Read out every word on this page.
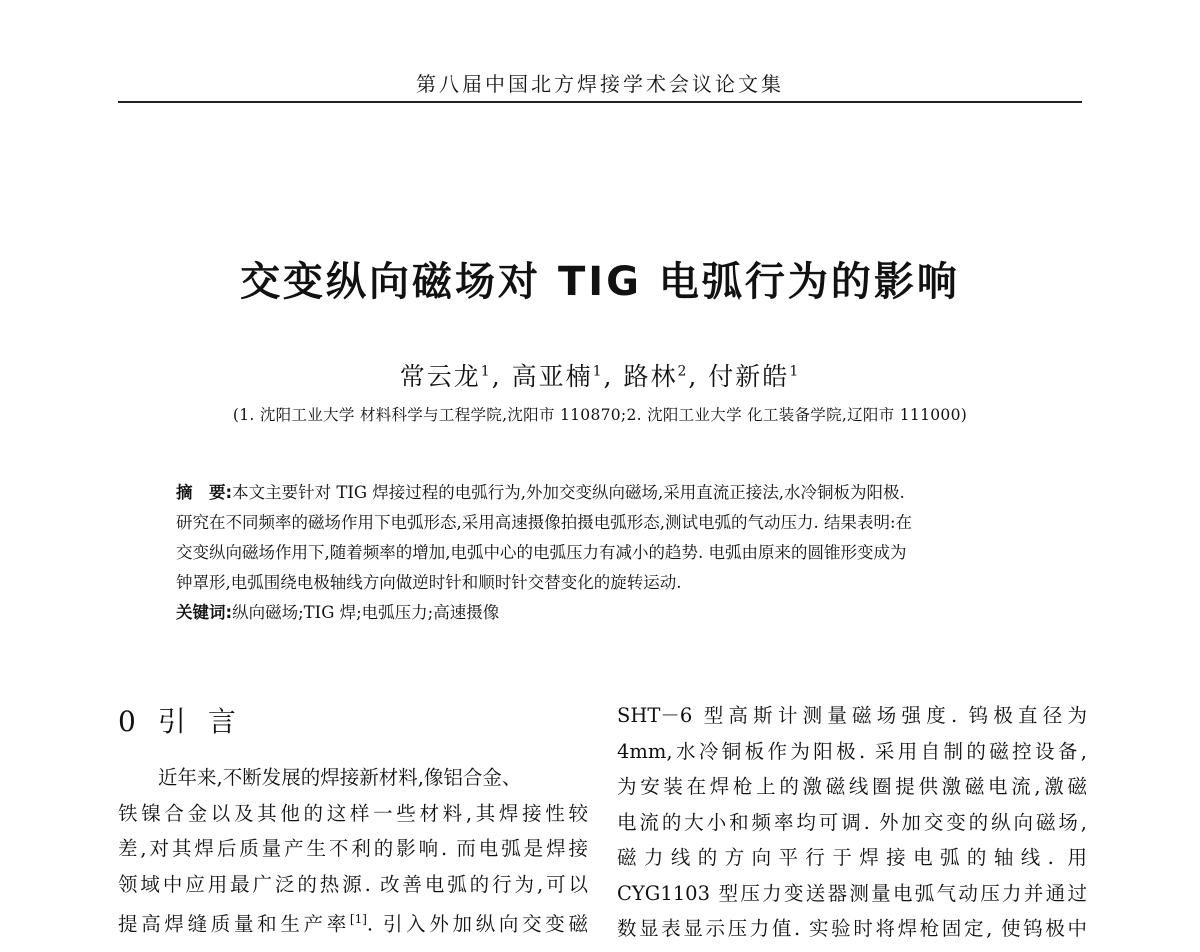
第八届中国北方焊接学术会议论文集
交变纵向磁场对 TIG 电弧行为的影响
常云龙$^1$, 高亚楠$^1$, 路林$^2$, 付新皓$^1$
(1. 沈阳工业大学 材料科学与工程学院,沈阳市 110870;2. 沈阳工业大学 化工装备学院,辽阳市 111000)
摘　要:本文主要针对 TIG 焊接过程的电弧行为,外加交变纵向磁场,采用直流正接法,水冷铜板为阳极.
研究在不同频率的磁场作用下电弧形态,采用高速摄像拍摄电弧形态,测试电弧的气动压力. 结果表明:在
交变纵向磁场作用下,随着频率的增加,电弧中心的电弧压力有减小的趋势. 电弧由原来的圆锥形变成为
钟罩形,电弧围绕电极轴线方向做逆时针和顺时针交替变化的旋转运动.
关键词:纵向磁场;TIG 焊;电弧压力;高速摄像
0 引言
近年来,不断发展的焊接新材料,像铝合金、
铁镍合金以及其他的这样一些材料,其焊接性较
差,对其焊后质量产生不利的影响. 而电弧是焊接
领域中应用最广泛的热源. 改善电弧的行为,可以
提高焊缝质量和生产率[1]. 引入外加纵向交变磁
SHT－6 型高斯计测量磁场强度. 钨极直径为
4mm,水冷铜板作为阳极. 采用自制的磁控设备,
为安装在焊枪上的激磁线圈提供激磁电流,激磁
电流的大小和频率均可调. 外加交变的纵向磁场,
磁力线的方向平行于焊接电弧的轴线. 用
CYG1103 型压力变送器测量电弧气动压力并通过
数显表显示压力值. 实验时将焊枪固定, 使钨极中
